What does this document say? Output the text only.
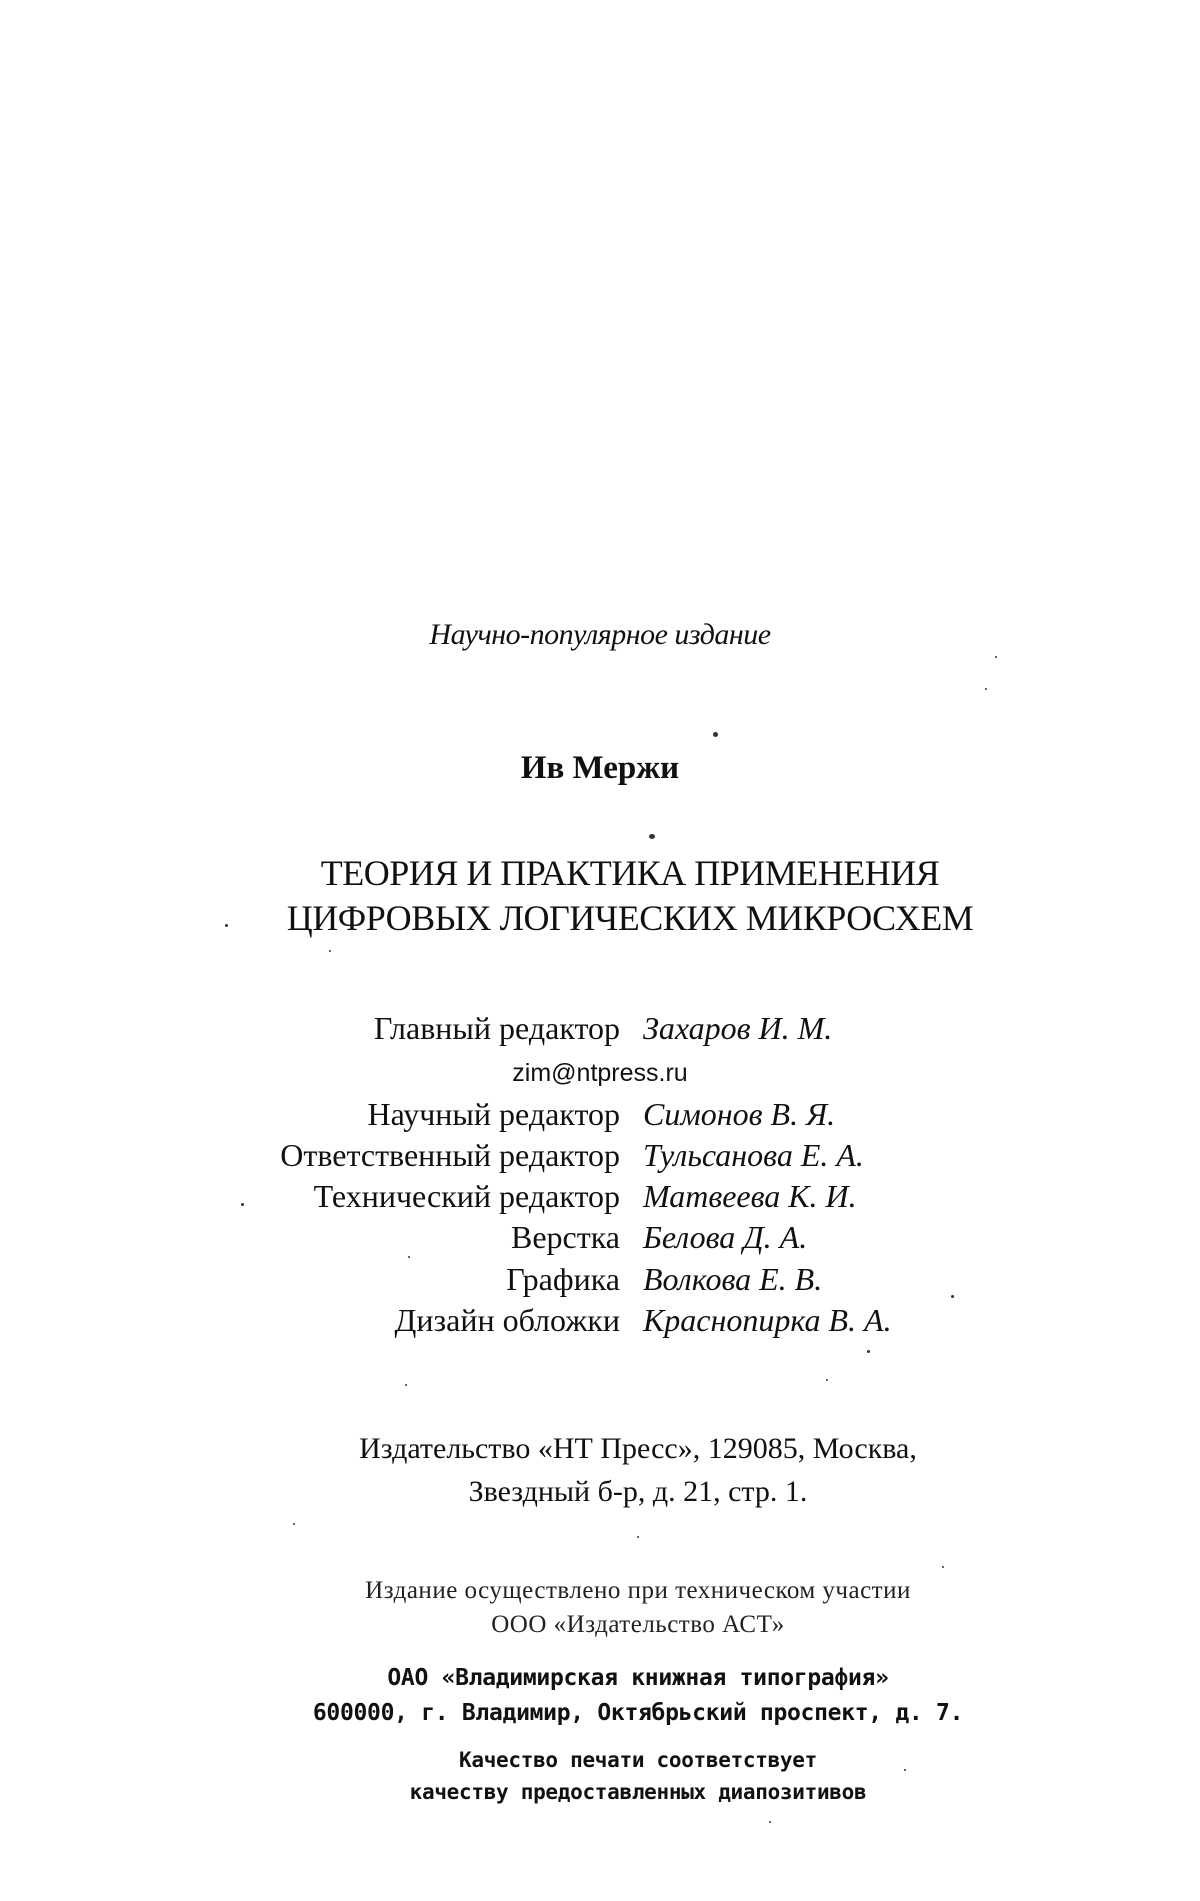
Научно-популярное издание
Ив Мержи
ТЕОРИЯ И ПРАКТИКА ПРИМЕНЕНИЯ
ЦИФРОВЫХ ЛОГИЧЕСКИХ МИКРОСХЕМ
Главный редактор Захаров И. М.
zim@ntpress.ru
Научный редактор Симонов В. Я.
Ответственный редактор Тульсанова Е. А.
Технический редактор Матвеева К. И.
Верстка Белова Д. А.
Графика Волкова Е. В.
Дизайн обложки Краснопирка В. А.
Издательство «НТ Пресс», 129085, Москва,
Звездный б-р, д. 21, стр. 1.
Издание осуществлено при техническом участии
ООО «Издательство АСТ»
ОАО «Владимирская книжная типография»
600000, г. Владимир, Октябрьский проспект, д. 7.
Качество печати соответствует
качеству предоставленных диапозитивов
